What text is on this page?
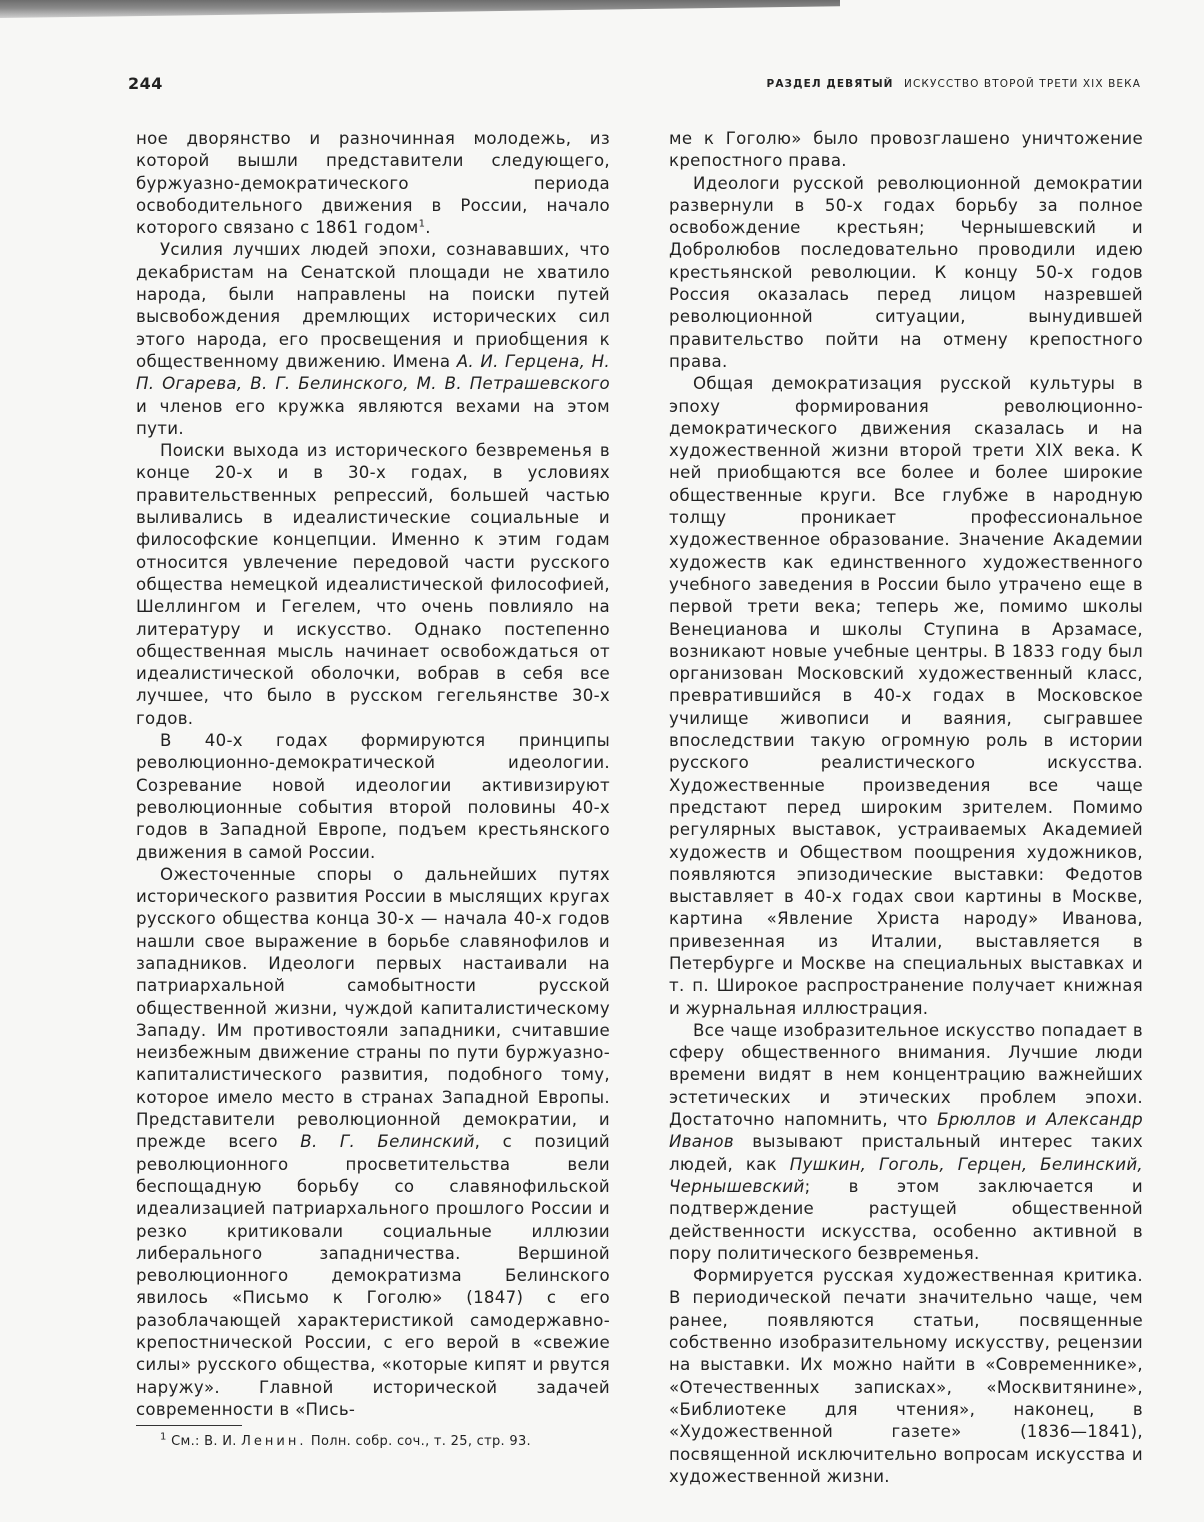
244	РАЗДЕЛ ДЕВЯТЫЙ ИСКУССТВО ВТОРОЙ ТРЕТИ XIX ВЕКА

ное дворянство и разночинная молодежь, из которой вышли представители следующего, буржуазно-демократического периода освободительного движения в России, начало которого связано с 1861 годом$^1$.

Усилия лучших людей эпохи, сознававших, что декабристам на Сенатской площади не хватило народа, были направлены на поиски путей высвобождения дремлющих исторических сил этого народа, его просвещения и приобщения к общественному движению. Имена А. И. Герцена, Н. П. Огарева, В. Г. Белинского, М. В. Петрашевского и членов его кружка являются вехами на этом пути.

Поиски выхода из исторического безвременья в конце 20-х и в 30-х годах, в условиях правительственных репрессий, большей частью выливались в идеалистические социальные и философские концепции. Именно к этим годам относится увлечение передовой части русского общества немецкой идеалистической философией, Шеллингом и Гегелем, что очень повлияло на литературу и искусство. Однако постепенно общественная мысль начинает освобождаться от идеалистической оболочки, вобрав в себя все лучшее, что было в русском гегельянстве 30-х годов.

В 40-х годах формируются принципы революционно-демократической идеологии. Созревание новой идеологии активизируют революционные события второй половины 40-х годов в Западной Европе, подъем крестьянского движения в самой России.

Ожесточенные споры о дальнейших путях исторического развития России в мыслящих кругах русского общества конца 30-х — начала 40-х годов нашли свое выражение в борьбе славянофилов и западников. Идеологи первых настаивали на патриархальной самобытности русской общественной жизни, чуждой капиталистическому Западу. Им противостояли западники, считавшие неизбежным движение страны по пути буржуазно-капиталистического развития, подобного тому, которое имело место в странах Западной Европы. Представители революционной демократии, и прежде всего В. Г. Белинский, с позиций революционного просветительства вели беспощадную борьбу со славянофильской идеализацией патриархального прошлого России и резко критиковали социальные иллюзии либерального западничества. Вершиной революционного демократизма Белинского явилось «Письмо к Гоголю» (1847) с его разоблачающей характеристикой самодержавно-крепостнической России, с его верой в «свежие силы» русского общества, «которые кипят и рвутся наружу». Главной исторической задачей современности в «Пись-

ме к Гоголю» было провозглашено уничтожение крепостного права.

Идеологи русской революционной демократии развернули в 50-х годах борьбу за полное освобождение крестьян; Чернышевский и Добролюбов последовательно проводили идею крестьянской революции. К концу 50-х годов Россия оказалась перед лицом назревшей революционной ситуации, вынудившей правительство пойти на отмену крепостного права.

Общая демократизация русской культуры в эпоху формирования революционно-демократического движения сказалась и на художественной жизни второй трети XIX века. К ней приобщаются все более и более широкие общественные круги. Все глубже в народную толщу проникает профессиональное художественное образование. Значение Академии художеств как единственного художественного учебного заведения в России было утрачено еще в первой трети века; теперь же, помимо школы Венецианова и школы Ступина в Арзамасе, возникают новые учебные центры. В 1833 году был организован Московский художественный класс, превратившийся в 40-х годах в Московское училище живописи и ваяния, сыгравшее впоследствии такую огромную роль в истории русского реалистического искусства. Художественные произведения все чаще предстают перед широким зрителем. Помимо регулярных выставок, устраиваемых Академией художеств и Обществом поощрения художников, появляются эпизодические выставки: Федотов выставляет в 40-х годах свои картины в Москве, картина «Явление Христа народу» Иванова, привезенная из Италии, выставляется в Петербурге и Москве на специальных выставках и т. п. Широкое распространение получает книжная и журнальная иллюстрация.

Все чаще изобразительное искусство попадает в сферу общественного внимания. Лучшие люди времени видят в нем концентрацию важнейших эстетических и этических проблем эпохи. Достаточно напомнить, что Брюллов и Александр Иванов вызывают пристальный интерес таких людей, как Пушкин, Гоголь, Герцен, Белинский, Чернышевский; в этом заключается и подтверждение растущей общественной действенности искусства, особенно активной в пору политического безвременья.

Формируется русская художественная критика. В периодической печати значительно чаще, чем ранее, появляются статьи, посвященные собственно изобразительному искусству, рецензии на выставки. Их можно найти в «Современнике», «Отечественных записках», «Москвитянине», «Библиотеке для чтения», наконец, в «Художественной газете» (1836—1841), посвященной исключительно вопросам искусства и художественной жизни.

$^1$ См.: В. И. Ленин. Полн. собр. соч., т. 25, стр. 93.
